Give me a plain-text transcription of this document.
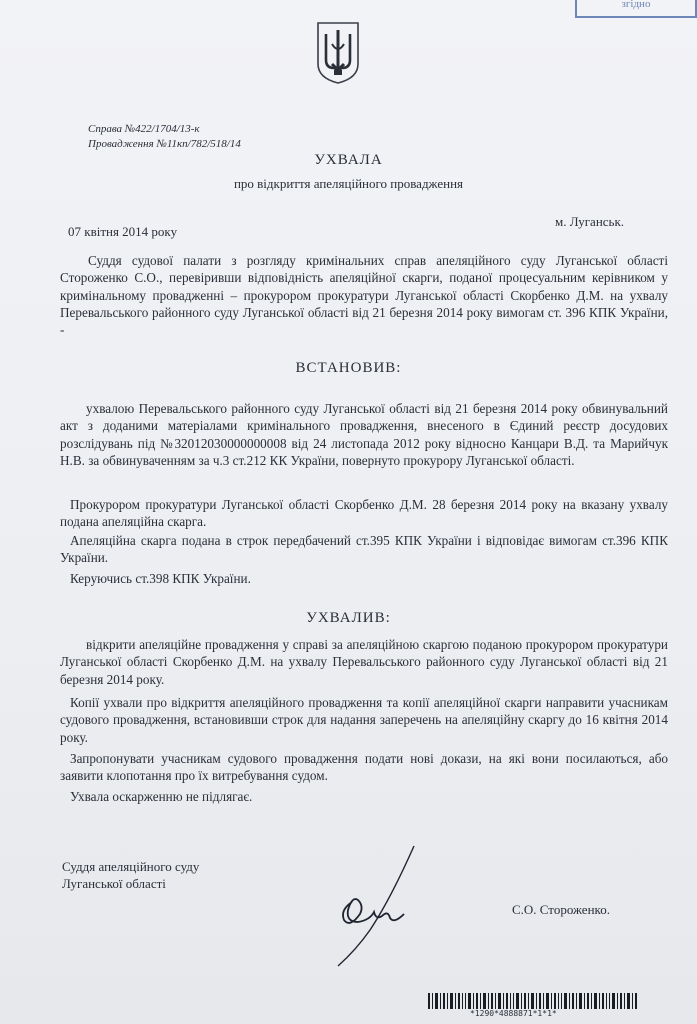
згідно
Справа №422/1704/13-к
Провадження №11кп/782/518/14
УХВАЛА
про відкриття апеляційного провадження
07 квітня 2014 року
м. Луганськ.

Суддя судової палати з розгляду кримінальних справ апеляційного суду Луганської області Стороженко С.О., перевіривши відповідність апеляційної скарги, поданої процесуальним керівником у кримінальному провадженні – прокурором прокуратури Луганської області Скорбенко Д.М. на ухвалу Перевальського районного суду Луганської області від 21 березня 2014 року вимогам ст. 396 КПК України, -

ВСТАНОВИВ:

ухвалою Перевальського районного суду Луганської області від 21 березня 2014 року обвинувальний акт з доданими матеріалами кримінального провадження, внесеного в Єдиний реєстр досудових розслідувань під №32012030000000008 від 24 листопада 2012 року відносно Канцари В.Д. та Марийчук Н.В. за обвинуваченням за ч.3 ст.212 КК України, повернуто прокурору Луганської області.

Прокурором прокуратури Луганської області Скорбенко Д.М. 28 березня 2014 року на вказану ухвалу подана апеляційна скарга.

Апеляційна скарга подана в строк передбачений ст.395 КПК України і відповідає вимогам ст.396 КПК України.

Керуючись ст.398 КПК України.

УХВАЛИВ:

відкрити апеляційне провадження у справі за апеляційною скаргою поданою прокурором прокуратури Луганської області Скорбенко Д.М. на ухвалу Перевальського районного суду Луганської області від 21 березня 2014 року.

Копії ухвали про відкриття апеляційного провадження та копії апеляційної скарги направити учасникам судового провадження, встановивши строк для надання заперечень на апеляційну скаргу до 16 квітня 2014 року.

Запропонувати учасникам судового провадження подати нові докази, на які вони посилаються, або заявити клопотання про їх витребування судом.

Ухвала оскарженню не підлягає.

Суддя апеляційного суду
Луганської області
С.О. Стороженко.
*1290*4888871*1*1*
